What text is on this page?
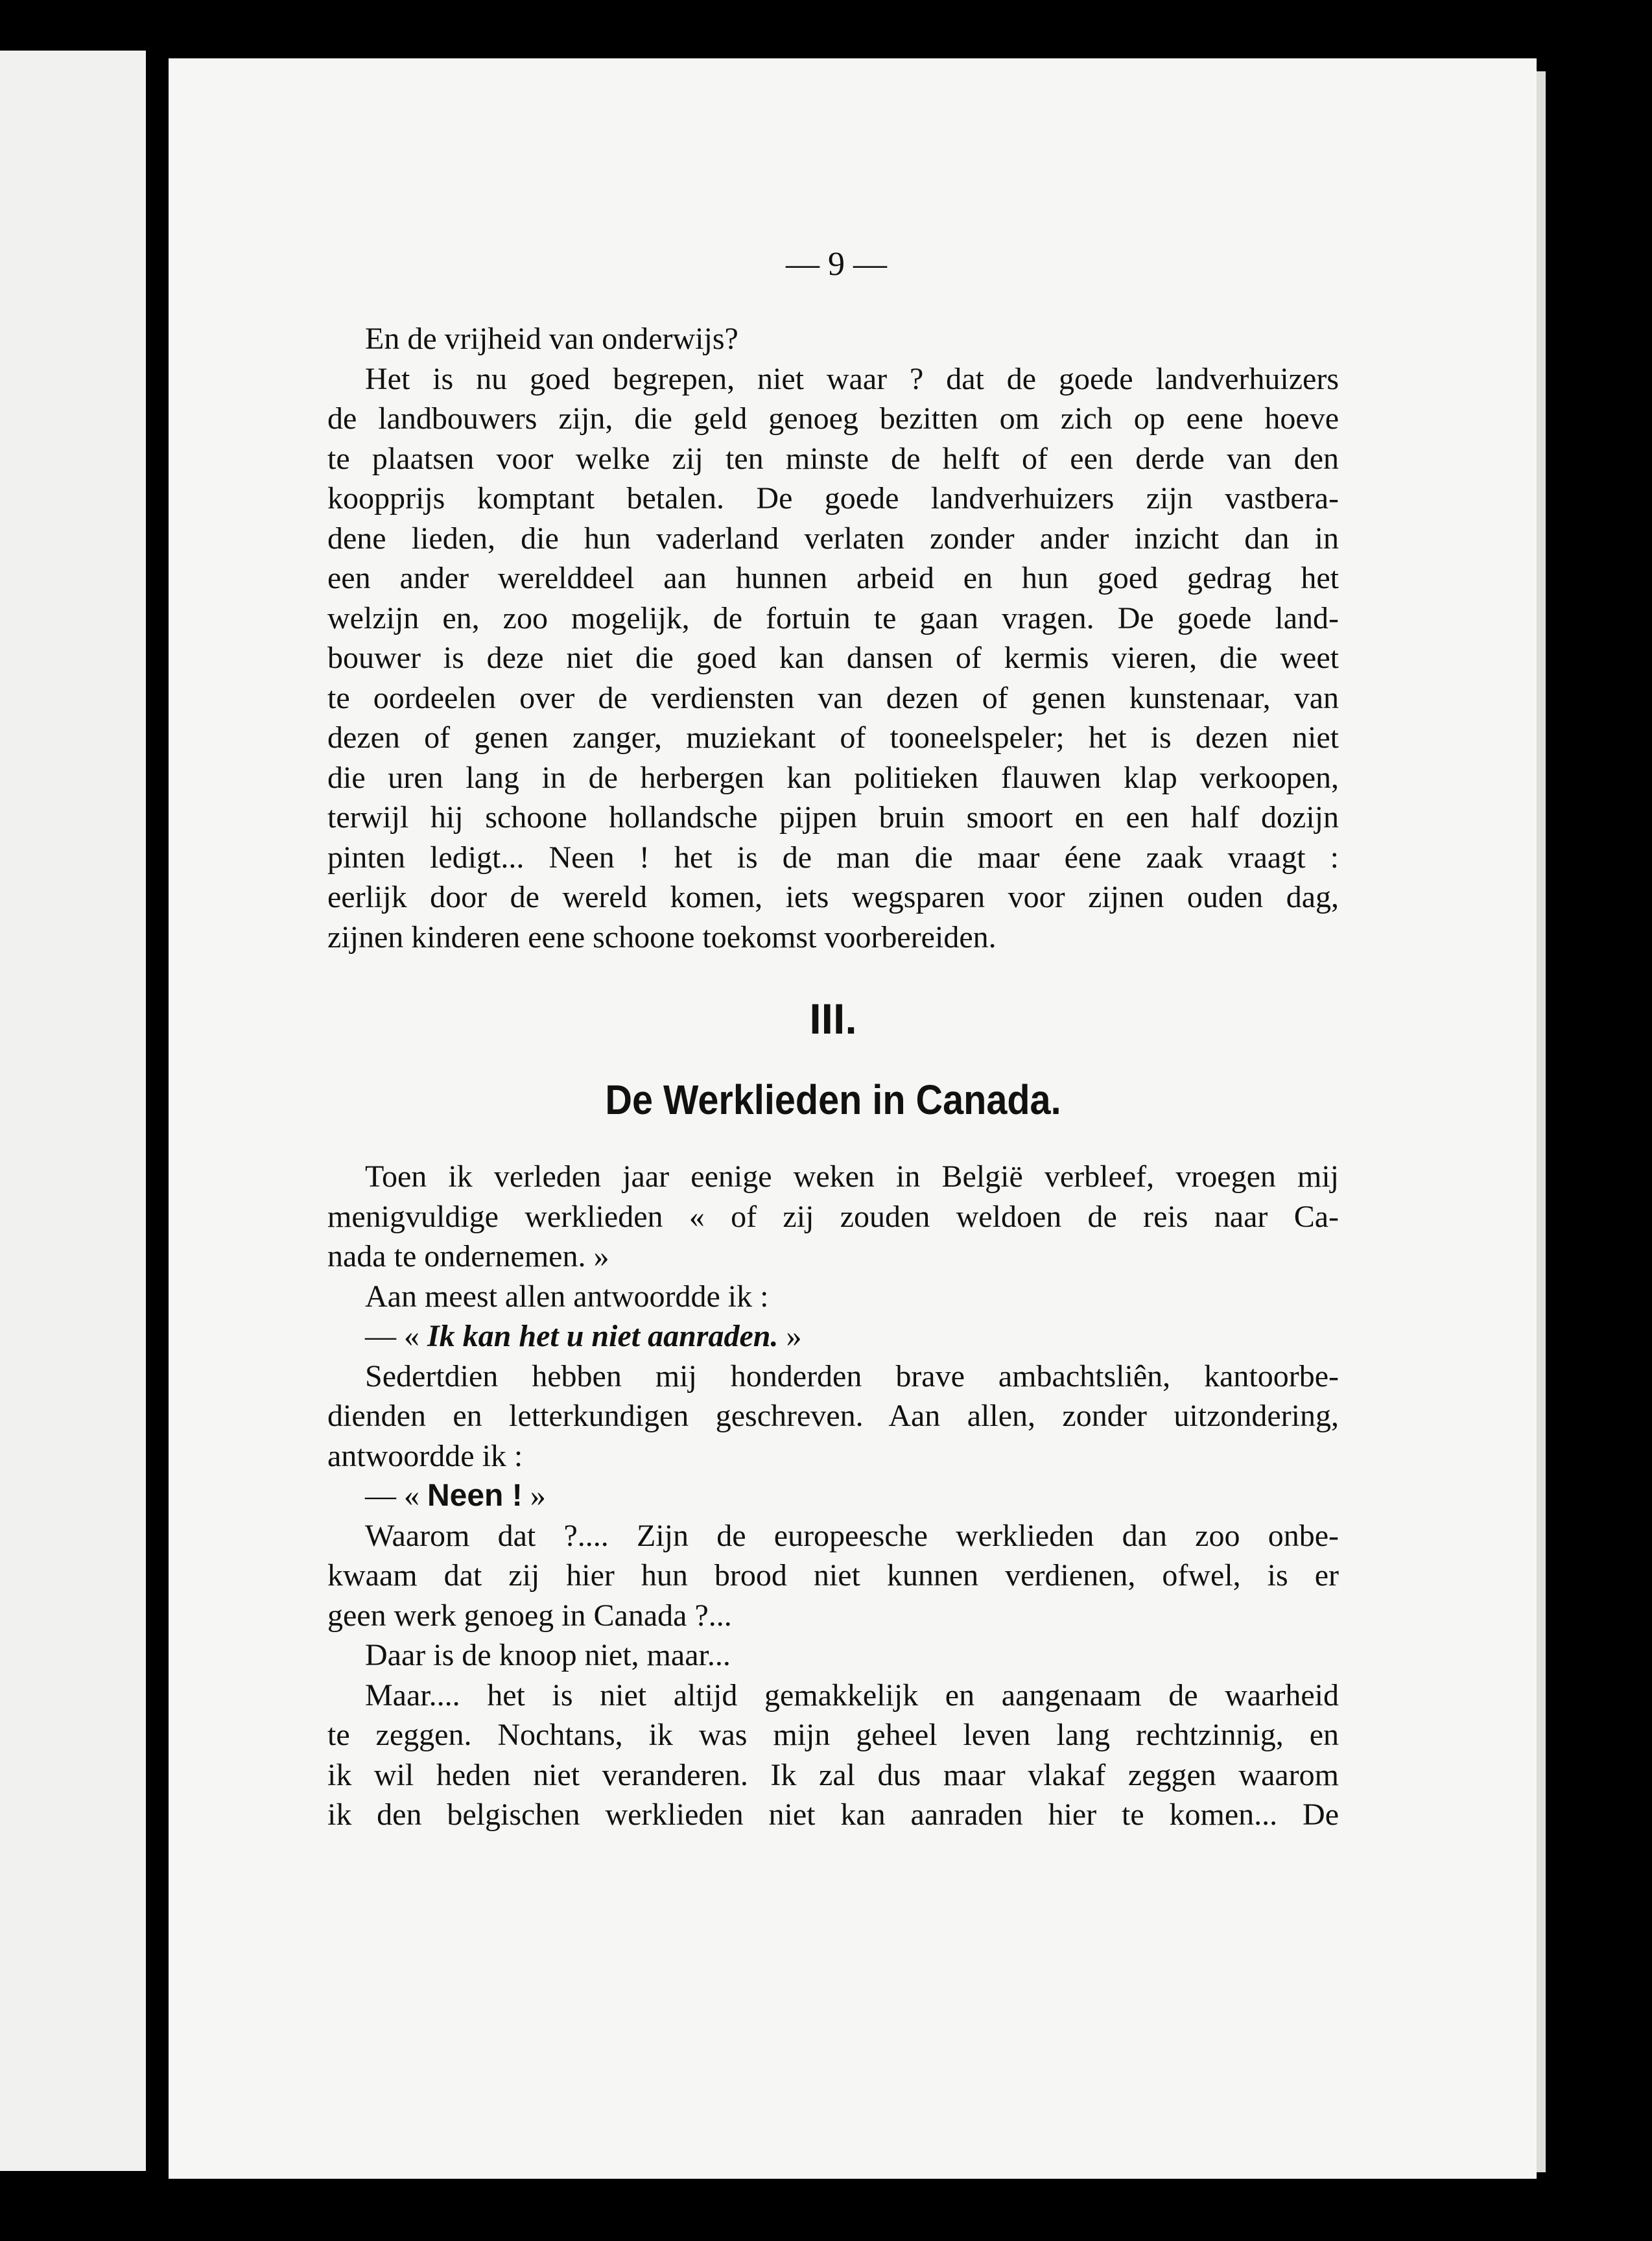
— 9 —
En de vrijheid van onderwijs?
Het is nu goed begrepen, niet waar ? dat de goede landverhuizers
de landbouwers zijn, die geld genoeg bezitten om zich op eene hoeve
te plaatsen voor welke zij ten minste de helft of een derde van den
koopprijs komptant betalen. De goede landverhuizers zijn vastbera-
dene lieden, die hun vaderland verlaten zonder ander inzicht dan in
een ander werelddeel aan hunnen arbeid en hun goed gedrag het
welzijn en, zoo mogelijk, de fortuin te gaan vragen. De goede land-
bouwer is deze niet die goed kan dansen of kermis vieren, die weet
te oordeelen over de verdiensten van dezen of genen kunstenaar, van
dezen of genen zanger, muziekant of tooneelspeler; het is dezen niet
die uren lang in de herbergen kan politieken flauwen klap verkoopen,
terwijl hij schoone hollandsche pijpen bruin smoort en een half dozijn
pinten ledigt... Neen ! het is de man die maar éene zaak vraagt :
eerlijk door de wereld komen, iets wegsparen voor zijnen ouden dag,
zijnen kinderen eene schoone toekomst voorbereiden.
III.
De Werklieden in Canada.
Toen ik verleden jaar eenige weken in België verbleef, vroegen mij
menigvuldige werklieden « of zij zouden weldoen de reis naar Ca-
nada te ondernemen. »
Aan meest allen antwoordde ik :
— « Ik kan het u niet aanraden. »
Sedertdien hebben mij honderden brave ambachtsliên, kantoorbe-
dienden en letterkundigen geschreven. Aan allen, zonder uitzondering,
antwoordde ik :
— « Neen ! »
Waarom dat ?.... Zijn de europeesche werklieden dan zoo onbe-
kwaam dat zij hier hun brood niet kunnen verdienen, ofwel, is er
geen werk genoeg in Canada ?...
Daar is de knoop niet, maar...
Maar.... het is niet altijd gemakkelijk en aangenaam de waarheid
te zeggen. Nochtans, ik was mijn geheel leven lang rechtzinnig, en
ik wil heden niet veranderen. Ik zal dus maar vlakaf zeggen waarom
ik den belgischen werklieden niet kan aanraden hier te komen... De
